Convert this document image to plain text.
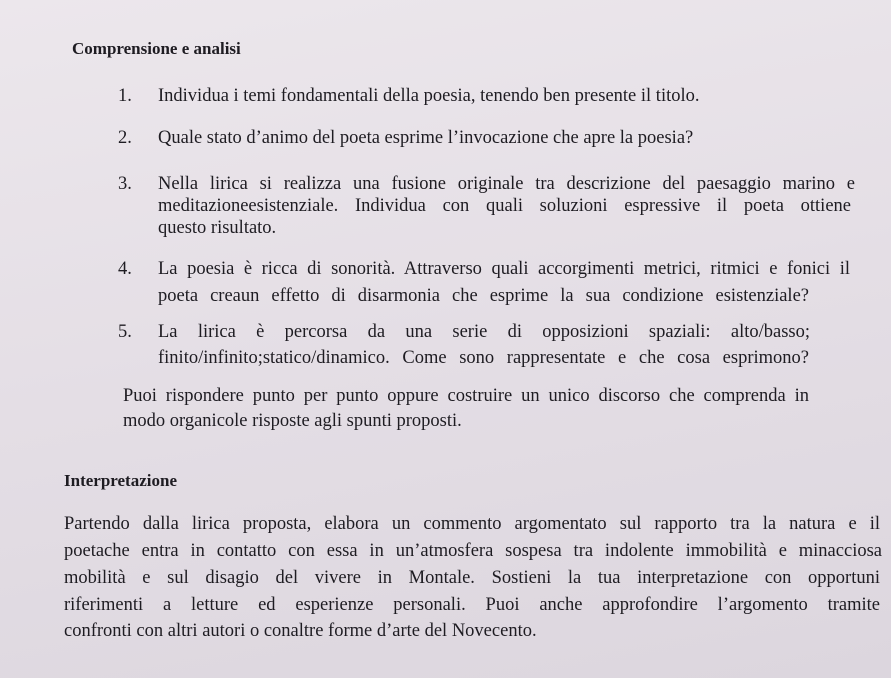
Comprensione e analisi
1. Individua i temi fondamentali della poesia, tenendo ben presente il titolo.
2. Quale stato d’animo del poeta esprime l’invocazione che apre la poesia?
3. Nella lirica si realizza una fusione originale tra descrizione del paesaggio marino e
meditazioneesistenziale. Individua con quali soluzioni espressive il poeta ottiene
questo risultato.
4. La poesia è ricca di sonorità. Attraverso quali accorgimenti metrici, ritmici e fonici il
poeta creaun effetto di disarmonia che esprime la sua condizione esistenziale?
5. La lirica è percorsa da una serie di opposizioni spaziali: alto/basso;
finito/infinito;statico/dinamico. Come sono rappresentate e che cosa esprimono?
Puoi rispondere punto per punto oppure costruire un unico discorso che comprenda in
modo organicole risposte agli spunti proposti.
Interpretazione
Partendo dalla lirica proposta, elabora un commento argomentato sul rapporto tra la natura e il
poetache entra in contatto con essa in un’atmosfera sospesa tra indolente immobilità e minacciosa
mobilità e sul disagio del vivere in Montale. Sostieni la tua interpretazione con opportuni
riferimenti a letture ed esperienze personali. Puoi anche approfondire l’argomento tramite
confronti con altri autori o conaltre forme d’arte del Novecento.
